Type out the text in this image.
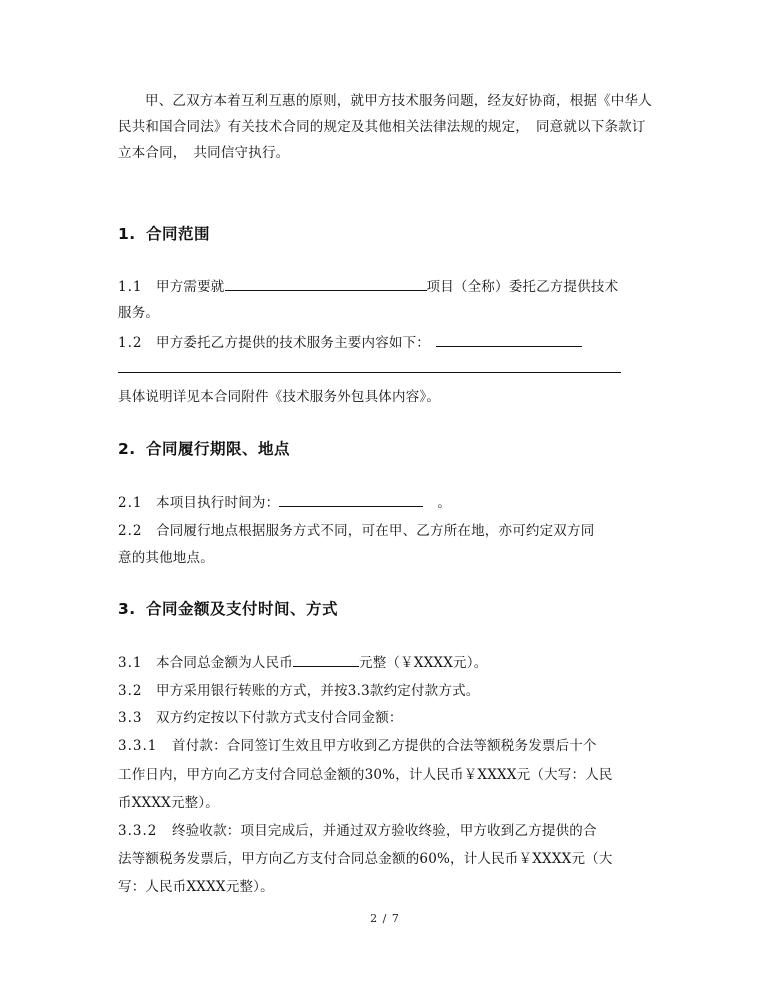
甲、乙双方本着互利互惠的原则，就甲方技术服务问题，经友好协商，根据《中华人民共和国合同法》有关技术合同的规定及其他相关法律法规的规定，　同意就以下条款订立本合同，　共同信守执行。
1. 合同范围
1.1 甲方需要就	项目（全称）委托乙方提供技术
服务。
1.2 甲方委托乙方提供的技术服务主要内容如下：
具体说明详见本合同附件《技术服务外包具体内容》。
2. 合同履行期限、地点
2.1 本项目执行时间为：	。
2.2 合同履行地点根据服务方式不同，可在甲、乙方所在地，亦可约定双方同
意的其他地点。
3. 合同金额及支付时间、方式
3.1 本合同总金额为人民币	元整（￥XXXX元）。
3.2 甲方采用银行转账的方式，并按3.3款约定付款方式。
3.3 双方约定按以下付款方式支付合同金额：
3.3.1 首付款：合同签订生效且甲方收到乙方提供的合法等额税务发票后十个
工作日内，甲方向乙方支付合同总金额的30%，计人民币￥XXXX元（大写：人民
币XXXX元整）。
3.3.2 终验收款：项目完成后，并通过双方验收终验，甲方收到乙方提供的合
法等额税务发票后，甲方向乙方支付合同总金额的60%，计人民币￥XXXX元（大
写：人民币XXXX元整）。
2 / 7
